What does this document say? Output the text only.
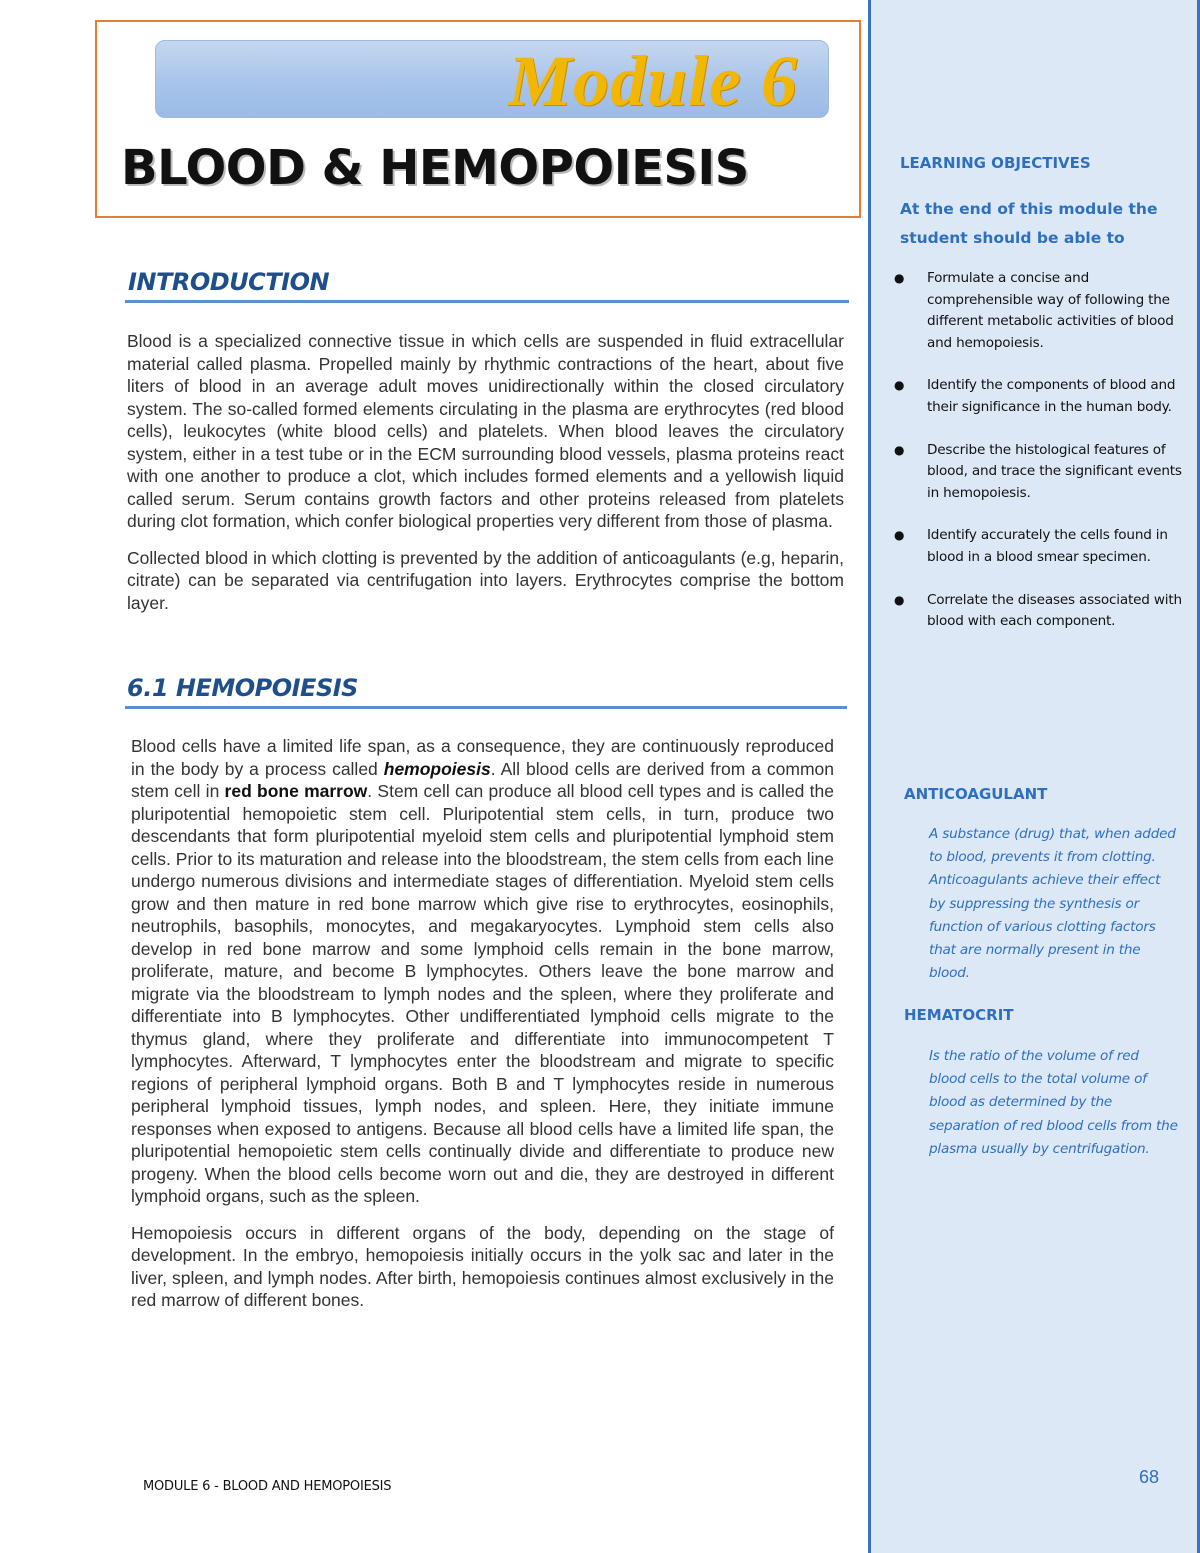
Module 6
BLOOD & HEMOPOIESIS
INTRODUCTION

Blood is a specialized connective tissue in which cells are suspended in fluid extracellular material called plasma. Propelled mainly by rhythmic contractions of the heart, about five liters of blood in an average adult moves unidirectionally within the closed circulatory system. The so-called formed elements circulating in the plasma are erythrocytes (red blood cells), leukocytes (white blood cells) and platelets. When blood leaves the circulatory system, either in a test tube or in the ECM surrounding blood vessels, plasma proteins react with one another to produce a clot, which includes formed elements and a yellowish liquid called serum. Serum contains growth factors and other proteins released from platelets during clot formation, which confer biological properties very different from those of plasma.

Collected blood in which clotting is prevented by the addition of anticoagulants (e.g, heparin, citrate) can be separated via centrifugation into layers. Erythrocytes comprise the bottom layer.

6.1 HEMOPOIESIS

Blood cells have a limited life span, as a consequence, they are continuously reproduced in the body by a process called hemopoiesis. All blood cells are derived from a common stem cell in red bone marrow. Stem cell can produce all blood cell types and is called the pluripotential hemopoietic stem cell. Pluripotential stem cells, in turn, produce two descendants that form pluripotential myeloid stem cells and pluripotential lymphoid stem cells. Prior to its maturation and release into the bloodstream, the stem cells from each line undergo numerous divisions and intermediate stages of differentiation. Myeloid stem cells grow and then mature in red bone marrow which give rise to erythrocytes, eosinophils, neutrophils, basophils, monocytes, and megakaryocytes. Lymphoid stem cells also develop in red bone marrow and some lymphoid cells remain in the bone marrow, proliferate, mature, and become B lymphocytes. Others leave the bone marrow and migrate via the bloodstream to lymph nodes and the spleen, where they proliferate and differentiate into B lymphocytes. Other undifferentiated lymphoid cells migrate to the thymus gland, where they proliferate and differentiate into immunocompetent T lymphocytes. Afterward, T lymphocytes enter the bloodstream and migrate to specific regions of peripheral lymphoid organs. Both B and T lymphocytes reside in numerous peripheral lymphoid tissues, lymph nodes, and spleen. Here, they initiate immune responses when exposed to antigens. Because all blood cells have a limited life span, the pluripotential hemopoietic stem cells continually divide and differentiate to produce new progeny. When the blood cells become worn out and die, they are destroyed in different lymphoid organs, such as the spleen.

Hemopoiesis occurs in different organs of the body, depending on the stage of development. In the embryo, hemopoiesis initially occurs in the yolk sac and later in the liver, spleen, and lymph nodes. After birth, hemopoiesis continues almost exclusively in the red marrow of different bones.

MODULE 6 - BLOOD AND HEMOPOIESIS
LEARNING OBJECTIVES
At the end of this module the student should be able to
● Formulate a concise and comprehensible way of following the different metabolic activities of blood and hemopoiesis.
● Identify the components of blood and their significance in the human body.
● Describe the histological features of blood, and trace the significant events in hemopoiesis.
● Identify accurately the cells found in blood in a blood smear specimen.
● Correlate the diseases associated with blood with each component.
ANTICOAGULANT
A substance (drug) that, when added to blood, prevents it from clotting. Anticoagulants achieve their effect by suppressing the synthesis or function of various clotting factors that are normally present in the blood.
HEMATOCRIT
Is the ratio of the volume of red blood cells to the total volume of blood as determined by the separation of red blood cells from the plasma usually by centrifugation.
68
